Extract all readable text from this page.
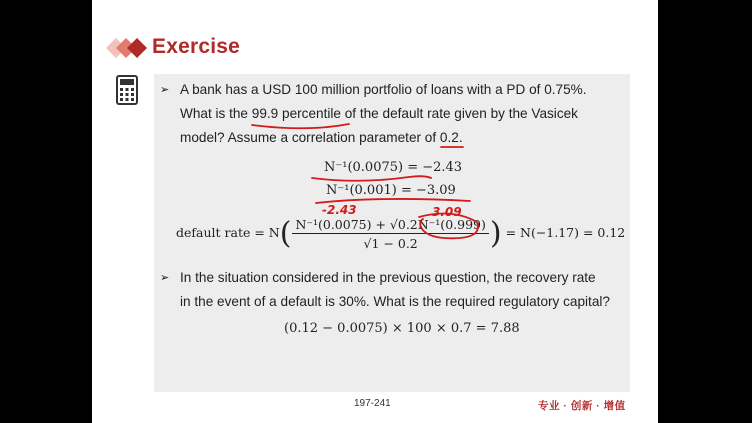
Exercise
➢ A bank has a USD 100 million portfolio of loans with a PD of 0.75%.
What is the 99.9 percentile of the default rate given by the Vasicek
model? Assume a correlation parameter of 0.2.
N⁻¹(0.0075) = −2.43
N⁻¹(0.001) = −3.09
default rate = $N( \frac{\text{N⁻¹(0.0075) + √0.2N⁻¹(0.999)}}{√1 - 0.2}$ ) = N(−1.17) = 0.12
➢ In the situation considered in the previous question, the recovery rate
in the event of a default is 30%. What is the required regulatory capital?
(0.12 − 0.0075) × 100 × 0.7 = 7.88
-2.43	3.09
197-241	专业 · 创新 · 增值
